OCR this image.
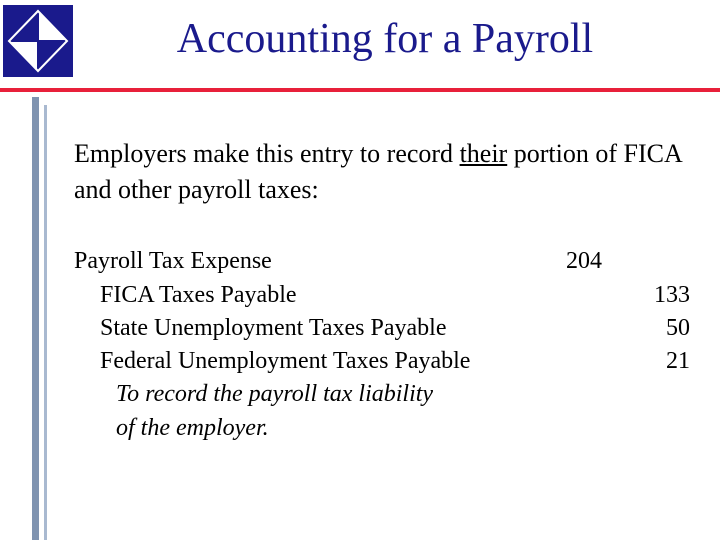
Accounting for a Payroll
Employers make this entry to record their portion of FICA and other payroll taxes:
Payroll Tax Expense	204
FICA Taxes Payable	133
State Unemployment Taxes Payable	50
Federal Unemployment Taxes Payable	21
To record the payroll tax liability
of the employer.
